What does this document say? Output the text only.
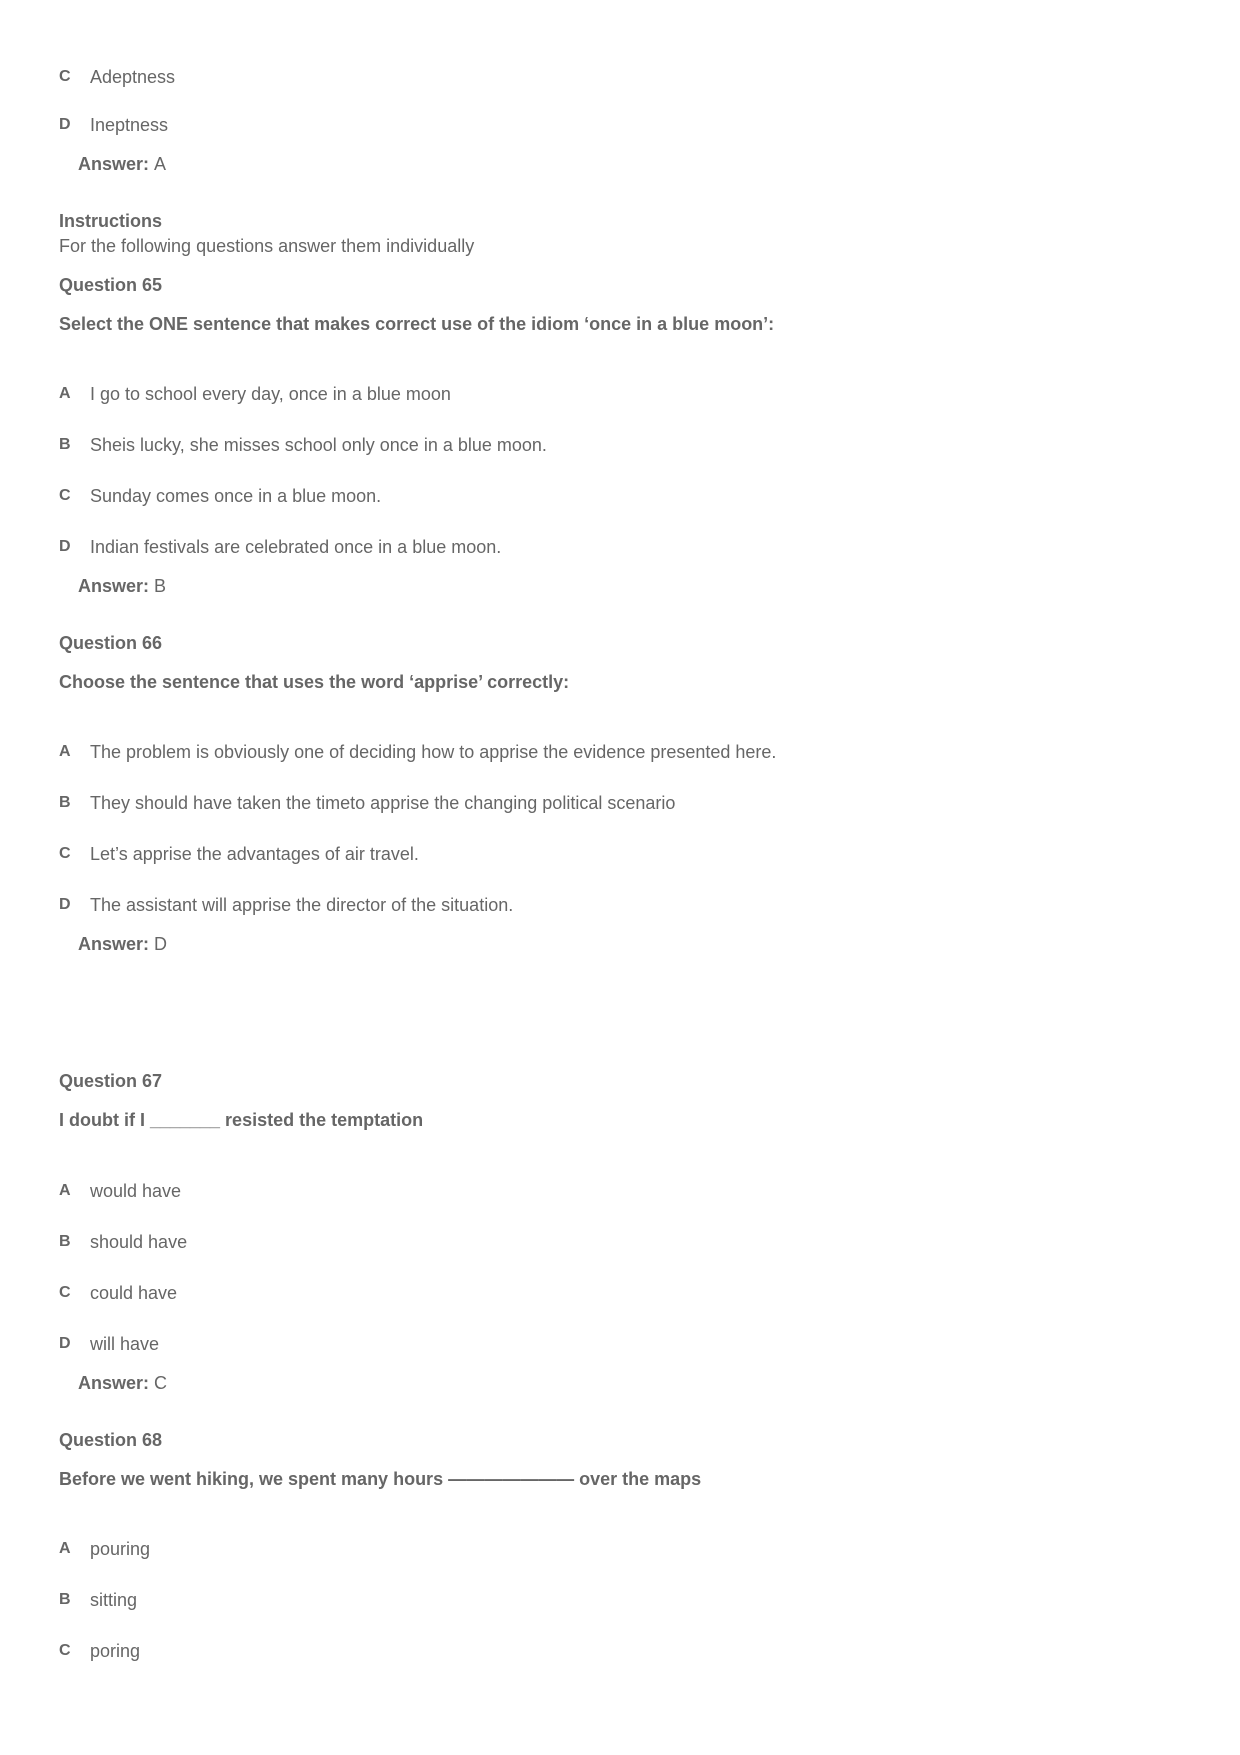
C	Adeptness
D	Ineptness
Answer: A
Instructions
For the following questions answer them individually
Question 65
Select the ONE sentence that makes correct use of the idiom ‘once in a blue moon’:
A	I go to school every day, once in a blue moon
B	Sheis lucky, she misses school only once in a blue moon.
C	Sunday comes once in a blue moon.
D	Indian festivals are celebrated once in a blue moon.
Answer: B
Question 66
Choose the sentence that uses the word ‘apprise’ correctly:
A	The problem is obviously one of deciding how to apprise the evidence presented here.
B	They should have taken the timeto apprise the changing political scenario
C	Let’s apprise the advantages of air travel.
D	The assistant will apprise the director of the situation.
Answer: D
Question 67
I doubt if I _______ resisted the temptation
A	would have
B	should have
C	could have
D	will have
Answer: C
Question 68
Before we went hiking, we spent many hours ——————— over the maps
A	pouring
B	sitting
C	poring
